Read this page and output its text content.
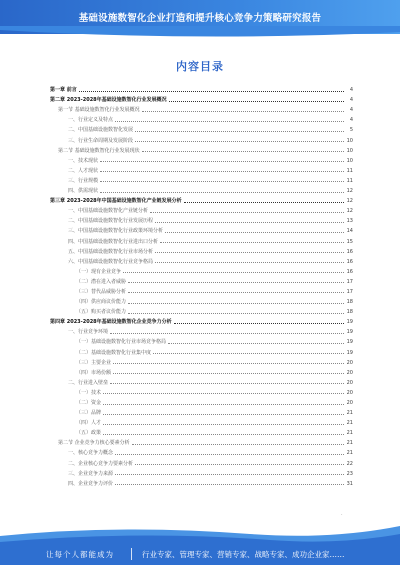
基础设施数智化企业打造和提升核心竞争力策略研究报告
内容目录
第一章 前言	4
第二章 2023-2028年基础设施数智化行业发展概况	4
第一节 基础设施数智化行业发展概况	4
一、行业定义及特点	4
二、中国基础设施数智化发展	5
三、行业生命周期及发展阶段	10
第二节 基础设施数智化行业发展现状	10
一、技术现状	10
二、人才现状	11
三、行业规模	11
四、供需现状	12
第三章 2023-2028年中国基础设施数智化产业链发展分析	12
一、中国基础设施数智化产业链分析	12
二、中国基础设施数智化行业发展历程	13
三、中国基础设施数智化行业政策环境分析	14
四、中国基础设施数智化行业进出口分析	15
五、中国基础设施数智化行业市场分析	16
六、中国基础设施数智化行业竞争格局	16
（一）现有企业竞争	16
（二）潜在进入者威胁	17
（三）替代品威胁分析	17
（四）供应商议价能力	18
（五）购买者议价能力	18
第四章 2023-2028年基础设施数智化企业竞争力分析	19
一、行业竞争环境	19
（一）基础设施数智化行业市场竞争格局	19
（二）基础设施数智化行业集中度	19
（三）主要企业	20
（四）市场份额	20
二、行业进入壁垒	20
（一）技术	20
（二）资金	20
（三）品牌	21
（四）人才	21
（五）政策	21
第二节 企业竞争力核心要素分析	21
一、核心竞争力概念	21
二、企业核心竞争力要素分析	22
三、企业竞争力来源	23
四、企业竞争力评价	31
·
让每个人都能成为	行业专家、管理专家、营销专家、战略专家、成功企业家……
